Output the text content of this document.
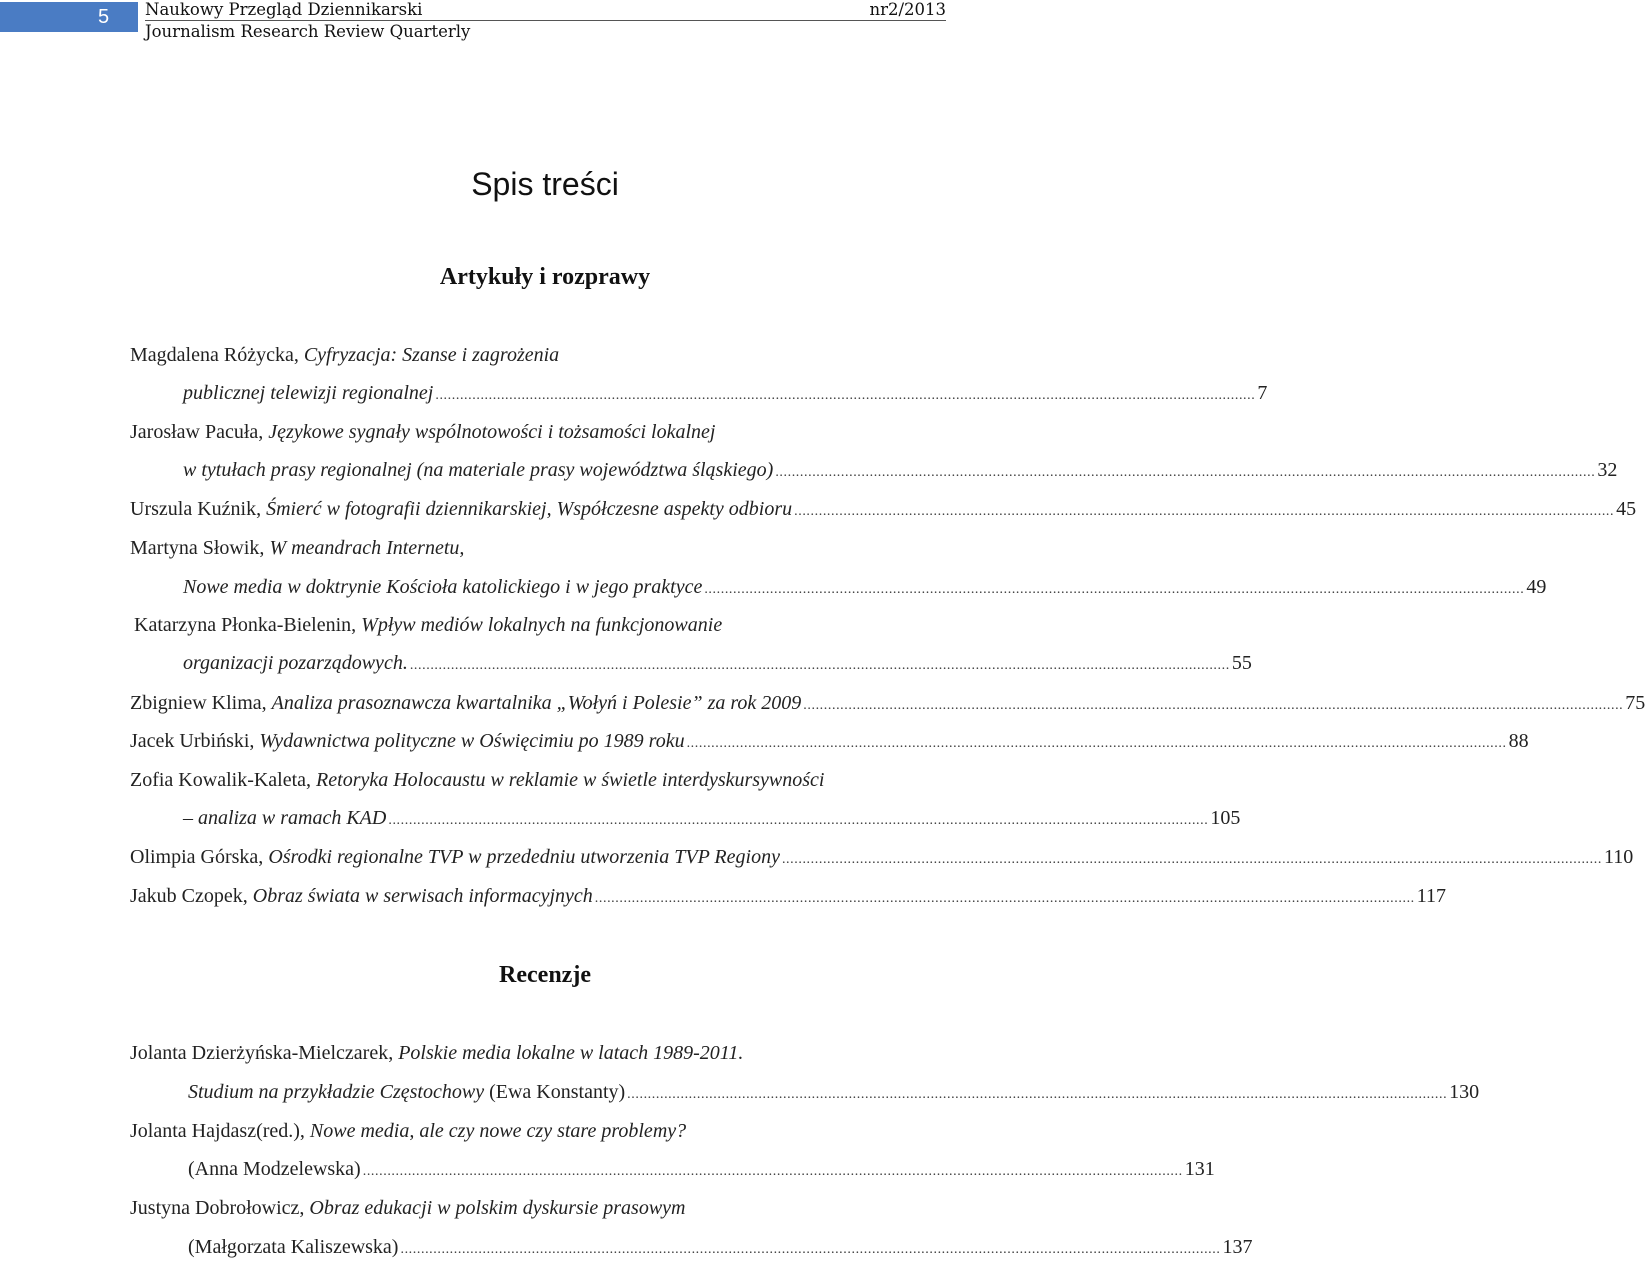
5	Naukowy Przegląd Dziennikarski	nr2/2013
Journalism Research Review Quarterly
Spis treści
Artykuły i rozprawy
Magdalena Różycka, Cyfryzacja: Szanse i zagrożenia
publicznej telewizji regionalnej ........................................................................................................................................................................................................ 7
Jarosław Pacuła, Językowe sygnały wspólnotowości i tożsamości lokalnej
w tytułach prasy regionalnej (na materiale prasy województwa śląskiego) ........................................................................................................................................................................................................ 32
Urszula Kuźnik, Śmierć w fotografii dziennikarskiej, Współczesne aspekty odbioru ........................................................................................................................................................................................................ 45
Martyna Słowik, W meandrach Internetu,
Nowe media w doktrynie Kościoła katolickiego i w jego praktyce ........................................................................................................................................................................................................ 49
Katarzyna Płonka-Bielenin, Wpływ mediów lokalnych na funkcjonowanie
organizacji pozarządowych. ........................................................................................................................................................................................................ 55
Zbigniew Klima, Analiza prasoznawcza kwartalnika „Wołyń i Polesie” za rok 2009 ........................................................................................................................................................................................................ 75
Jacek Urbiński, Wydawnictwa polityczne w Oświęcimiu po 1989 roku ........................................................................................................................................................................................................ 88
Zofia Kowalik-Kaleta, Retoryka Holocaustu w reklamie w świetle interdyskursywności
– analiza w ramach KAD ........................................................................................................................................................................................................ 105
Olimpia Górska, Ośrodki regionalne TVP w przededniu utworzenia TVP Regiony ........................................................................................................................................................................................................ 110
Jakub Czopek, Obraz świata w serwisach informacyjnych ........................................................................................................................................................................................................ 117
Recenzje
Jolanta Dzierżyńska-Mielczarek, Polskie media lokalne w latach 1989-2011.
Studium na przykładzie Częstochowy (Ewa Konstanty) ........................................................................................................................................................................................................ 130
Jolanta Hajdasz(red.), Nowe media, ale czy nowe czy stare problemy?
(Anna Modzelewska) ........................................................................................................................................................................................................ 131
Justyna Dobrołowicz, Obraz edukacji w polskim dyskursie prasowym
(Małgorzata Kaliszewska) ........................................................................................................................................................................................................ 137
